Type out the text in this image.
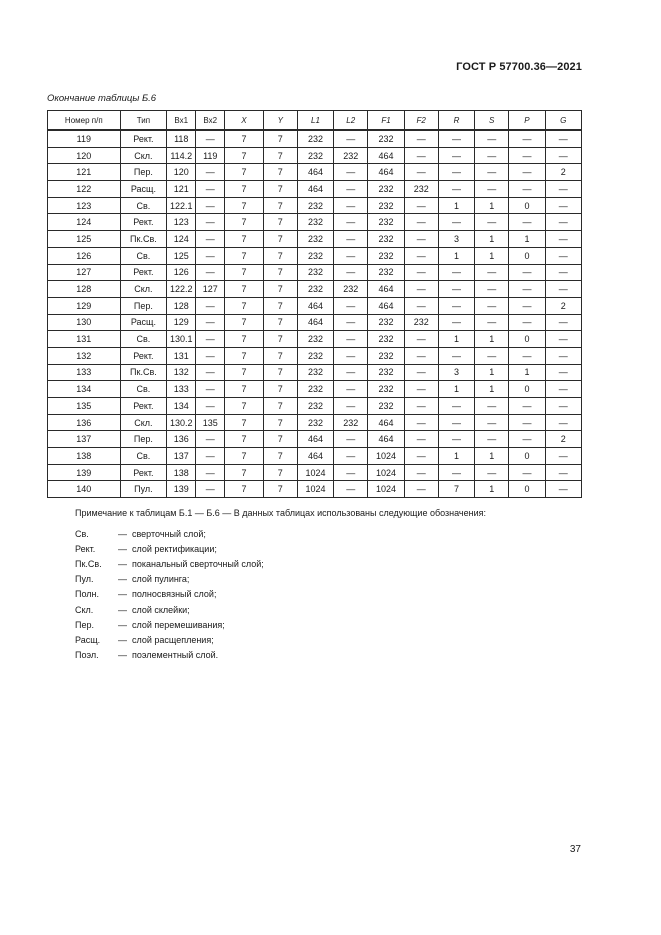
ГОСТ Р 57700.36—2021
Окончание таблицы Б.6
Номер п/п	Тип	Вх1	Вх2	X	Y	L1	L2	F1	F2	R	S	P	G
119	Рект.	118	—	7	7	232	—	232	—	—	—	—	—
120	Скл.	114.2	119	7	7	232	232	464	—	—	—	—	—
121	Пер.	120	—	7	7	464	—	464	—	—	—	—	2
122	Расщ.	121	—	7	7	464	—	232	232	—	—	—	—
123	Св.	122.1	—	7	7	232	—	232	—	1	1	0	—
124	Рект.	123	—	7	7	232	—	232	—	—	—	—	—
125	Пк.Св.	124	—	7	7	232	—	232	—	3	1	1	—
126	Св.	125	—	7	7	232	—	232	—	1	1	0	—
127	Рект.	126	—	7	7	232	—	232	—	—	—	—	—
128	Скл.	122.2	127	7	7	232	232	464	—	—	—	—	—
129	Пер.	128	—	7	7	464	—	464	—	—	—	—	2
130	Расщ.	129	—	7	7	464	—	232	232	—	—	—	—
131	Св.	130.1	—	7	7	232	—	232	—	1	1	0	—
132	Рект.	131	—	7	7	232	—	232	—	—	—	—	—
133	Пк.Св.	132	—	7	7	232	—	232	—	3	1	1	—
134	Св.	133	—	7	7	232	—	232	—	1	1	0	—
135	Рект.	134	—	7	7	232	—	232	—	—	—	—	—
136	Скл.	130.2	135	7	7	232	232	464	—	—	—	—	—
137	Пер.	136	—	7	7	464	—	464	—	—	—	—	2
138	Св.	137	—	7	7	464	—	1024	—	1	1	0	—
139	Рект.	138	—	7	7	1024	—	1024	—	—	—	—	—
140	Пул.	139	—	7	7	1024	—	1024	—	7	1	0	—
Примечание к таблицам Б.1 — Б.6 — В данных таблицах использованы следующие обозначения:
Св.	— сверточный слой;
Рект.	— слой ректификации;
Пк.Св.	— поканальный сверточный слой;
Пул.	— слой пулинга;
Полн.	— полносвязный слой;
Скл.	— слой склейки;
Пер.	— слой перемешивания;
Расщ.	— слой расщепления;
Поэл.	— поэлементный слой.
37
